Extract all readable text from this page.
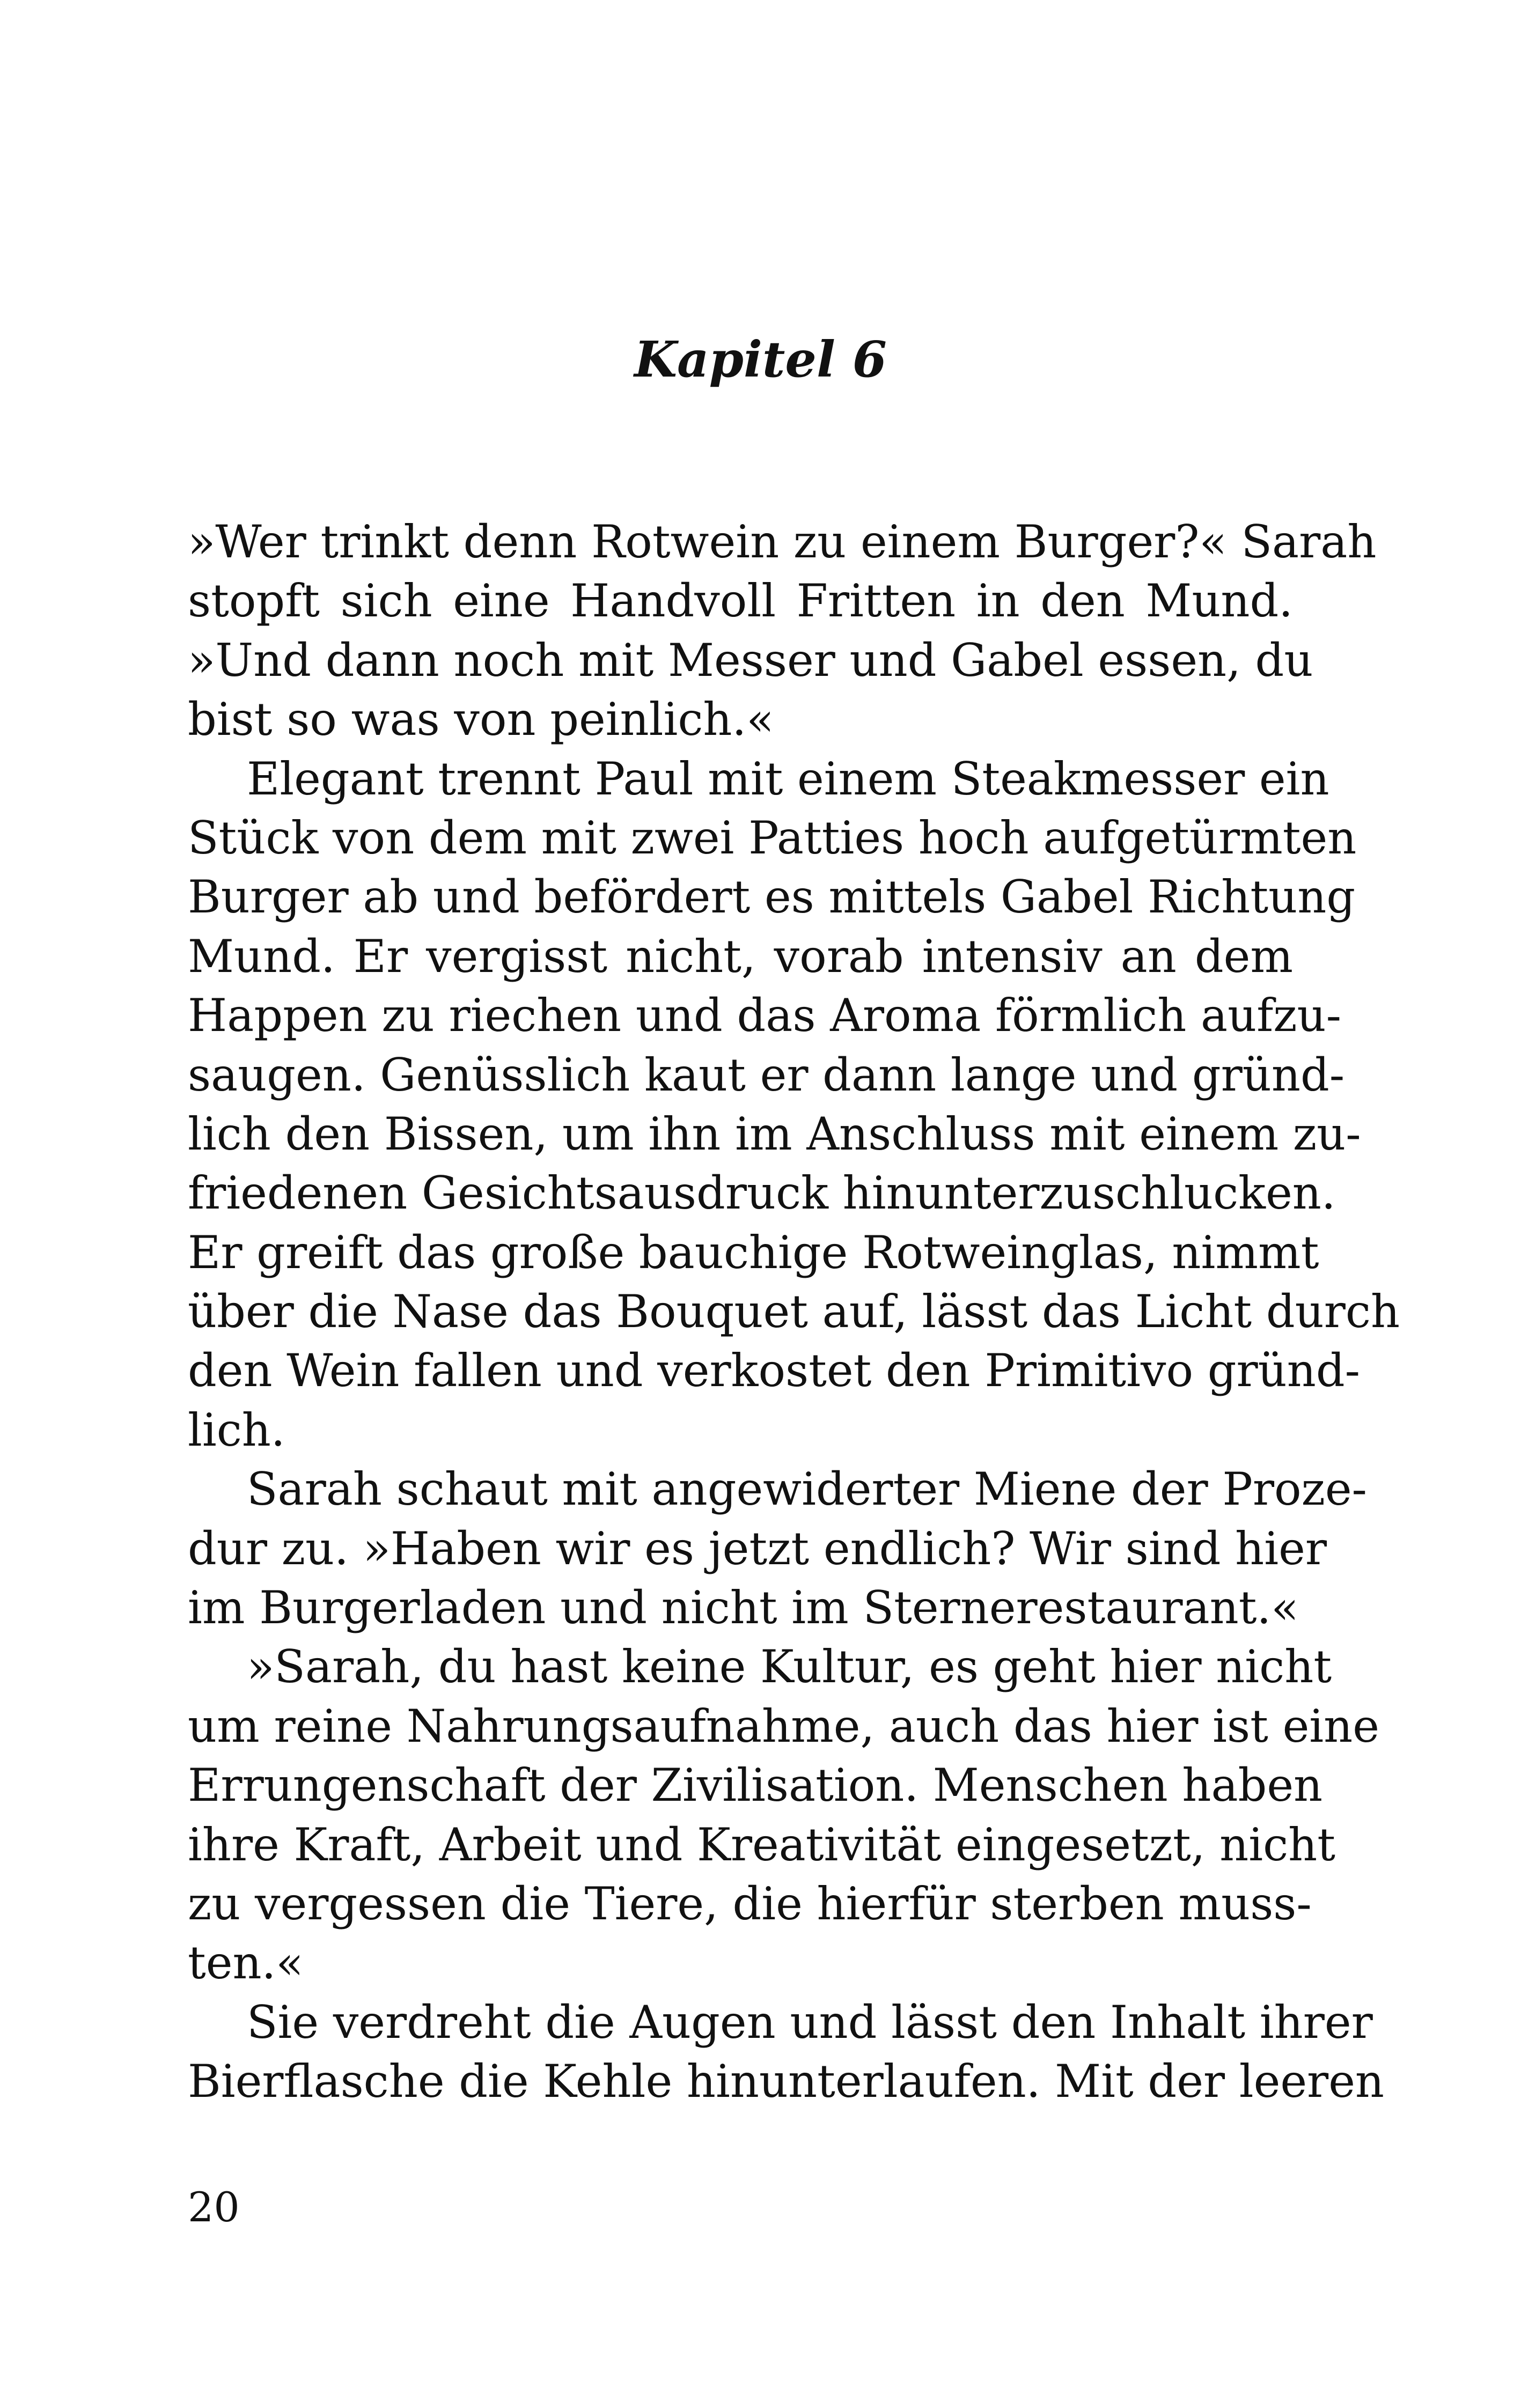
Kapitel 6
»Wer trinkt denn Rotwein zu einem Burger?« Sarah
stopft sich eine Handvoll Fritten in den Mund.
»Und dann noch mit Messer und Gabel essen, du
bist so was von peinlich.«
Elegant trennt Paul mit einem Steakmesser ein
Stück von dem mit zwei Patties hoch aufgetürmten
Burger ab und befördert es mittels Gabel Richtung
Mund. Er vergisst nicht, vorab intensiv an dem
Happen zu riechen und das Aroma förmlich aufzu-
saugen. Genüsslich kaut er dann lange und gründ-
lich den Bissen, um ihn im Anschluss mit einem zu-
friedenen Gesichtsausdruck hinunterzuschlucken.
Er greift das große bauchige Rotweinglas, nimmt
über die Nase das Bouquet auf, lässt das Licht durch
den Wein fallen und verkostet den Primitivo gründ-
lich.
Sarah schaut mit angewiderter Miene der Proze-
dur zu. »Haben wir es jetzt endlich? Wir sind hier
im Burgerladen und nicht im Sternerestaurant.«
»Sarah, du hast keine Kultur, es geht hier nicht
um reine Nahrungsaufnahme, auch das hier ist eine
Errungenschaft der Zivilisation. Menschen haben
ihre Kraft, Arbeit und Kreativität eingesetzt, nicht
zu vergessen die Tiere, die hierfür sterben muss-
ten.«
Sie verdreht die Augen und lässt den Inhalt ihrer
Bierflasche die Kehle hinunterlaufen. Mit der leeren
20
